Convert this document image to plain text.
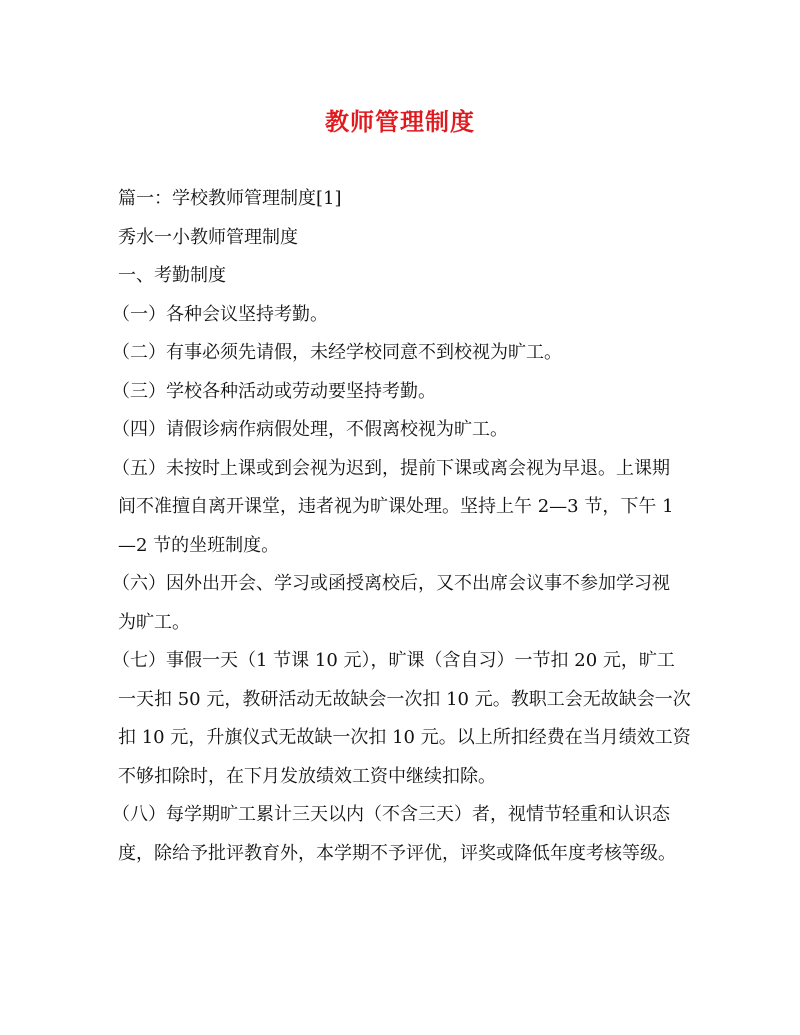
教师管理制度

篇一：学校教师管理制度[1]

秀水一小教师管理制度

一、考勤制度

（一）各种会议坚持考勤。

（二）有事必须先请假，未经学校同意不到校视为旷工。

（三）学校各种活动或劳动要坚持考勤。

（四）请假诊病作病假处理，不假离校视为旷工。

（五）未按时上课或到会视为迟到，提前下课或离会视为早退。上课期

间不准擅自离开课堂，违者视为旷课处理。坚持上午 2—3 节，下午 1

—2 节的坐班制度。

（六）因外出开会、学习或函授离校后，又不出席会议事不参加学习视

为旷工。

（七）事假一天（1 节课 10 元），旷课（含自习）一节扣 20 元，旷工

一天扣 50 元，教研活动无故缺会一次扣 10 元。教职工会无故缺会一次

扣 10 元，升旗仪式无故缺一次扣 10 元。以上所扣经费在当月绩效工资

不够扣除时，在下月发放绩效工资中继续扣除。

（八）每学期旷工累计三天以内（不含三天）者，视情节轻重和认识态

度，除给予批评教育外，本学期不予评优，评奖或降低年度考核等级。
